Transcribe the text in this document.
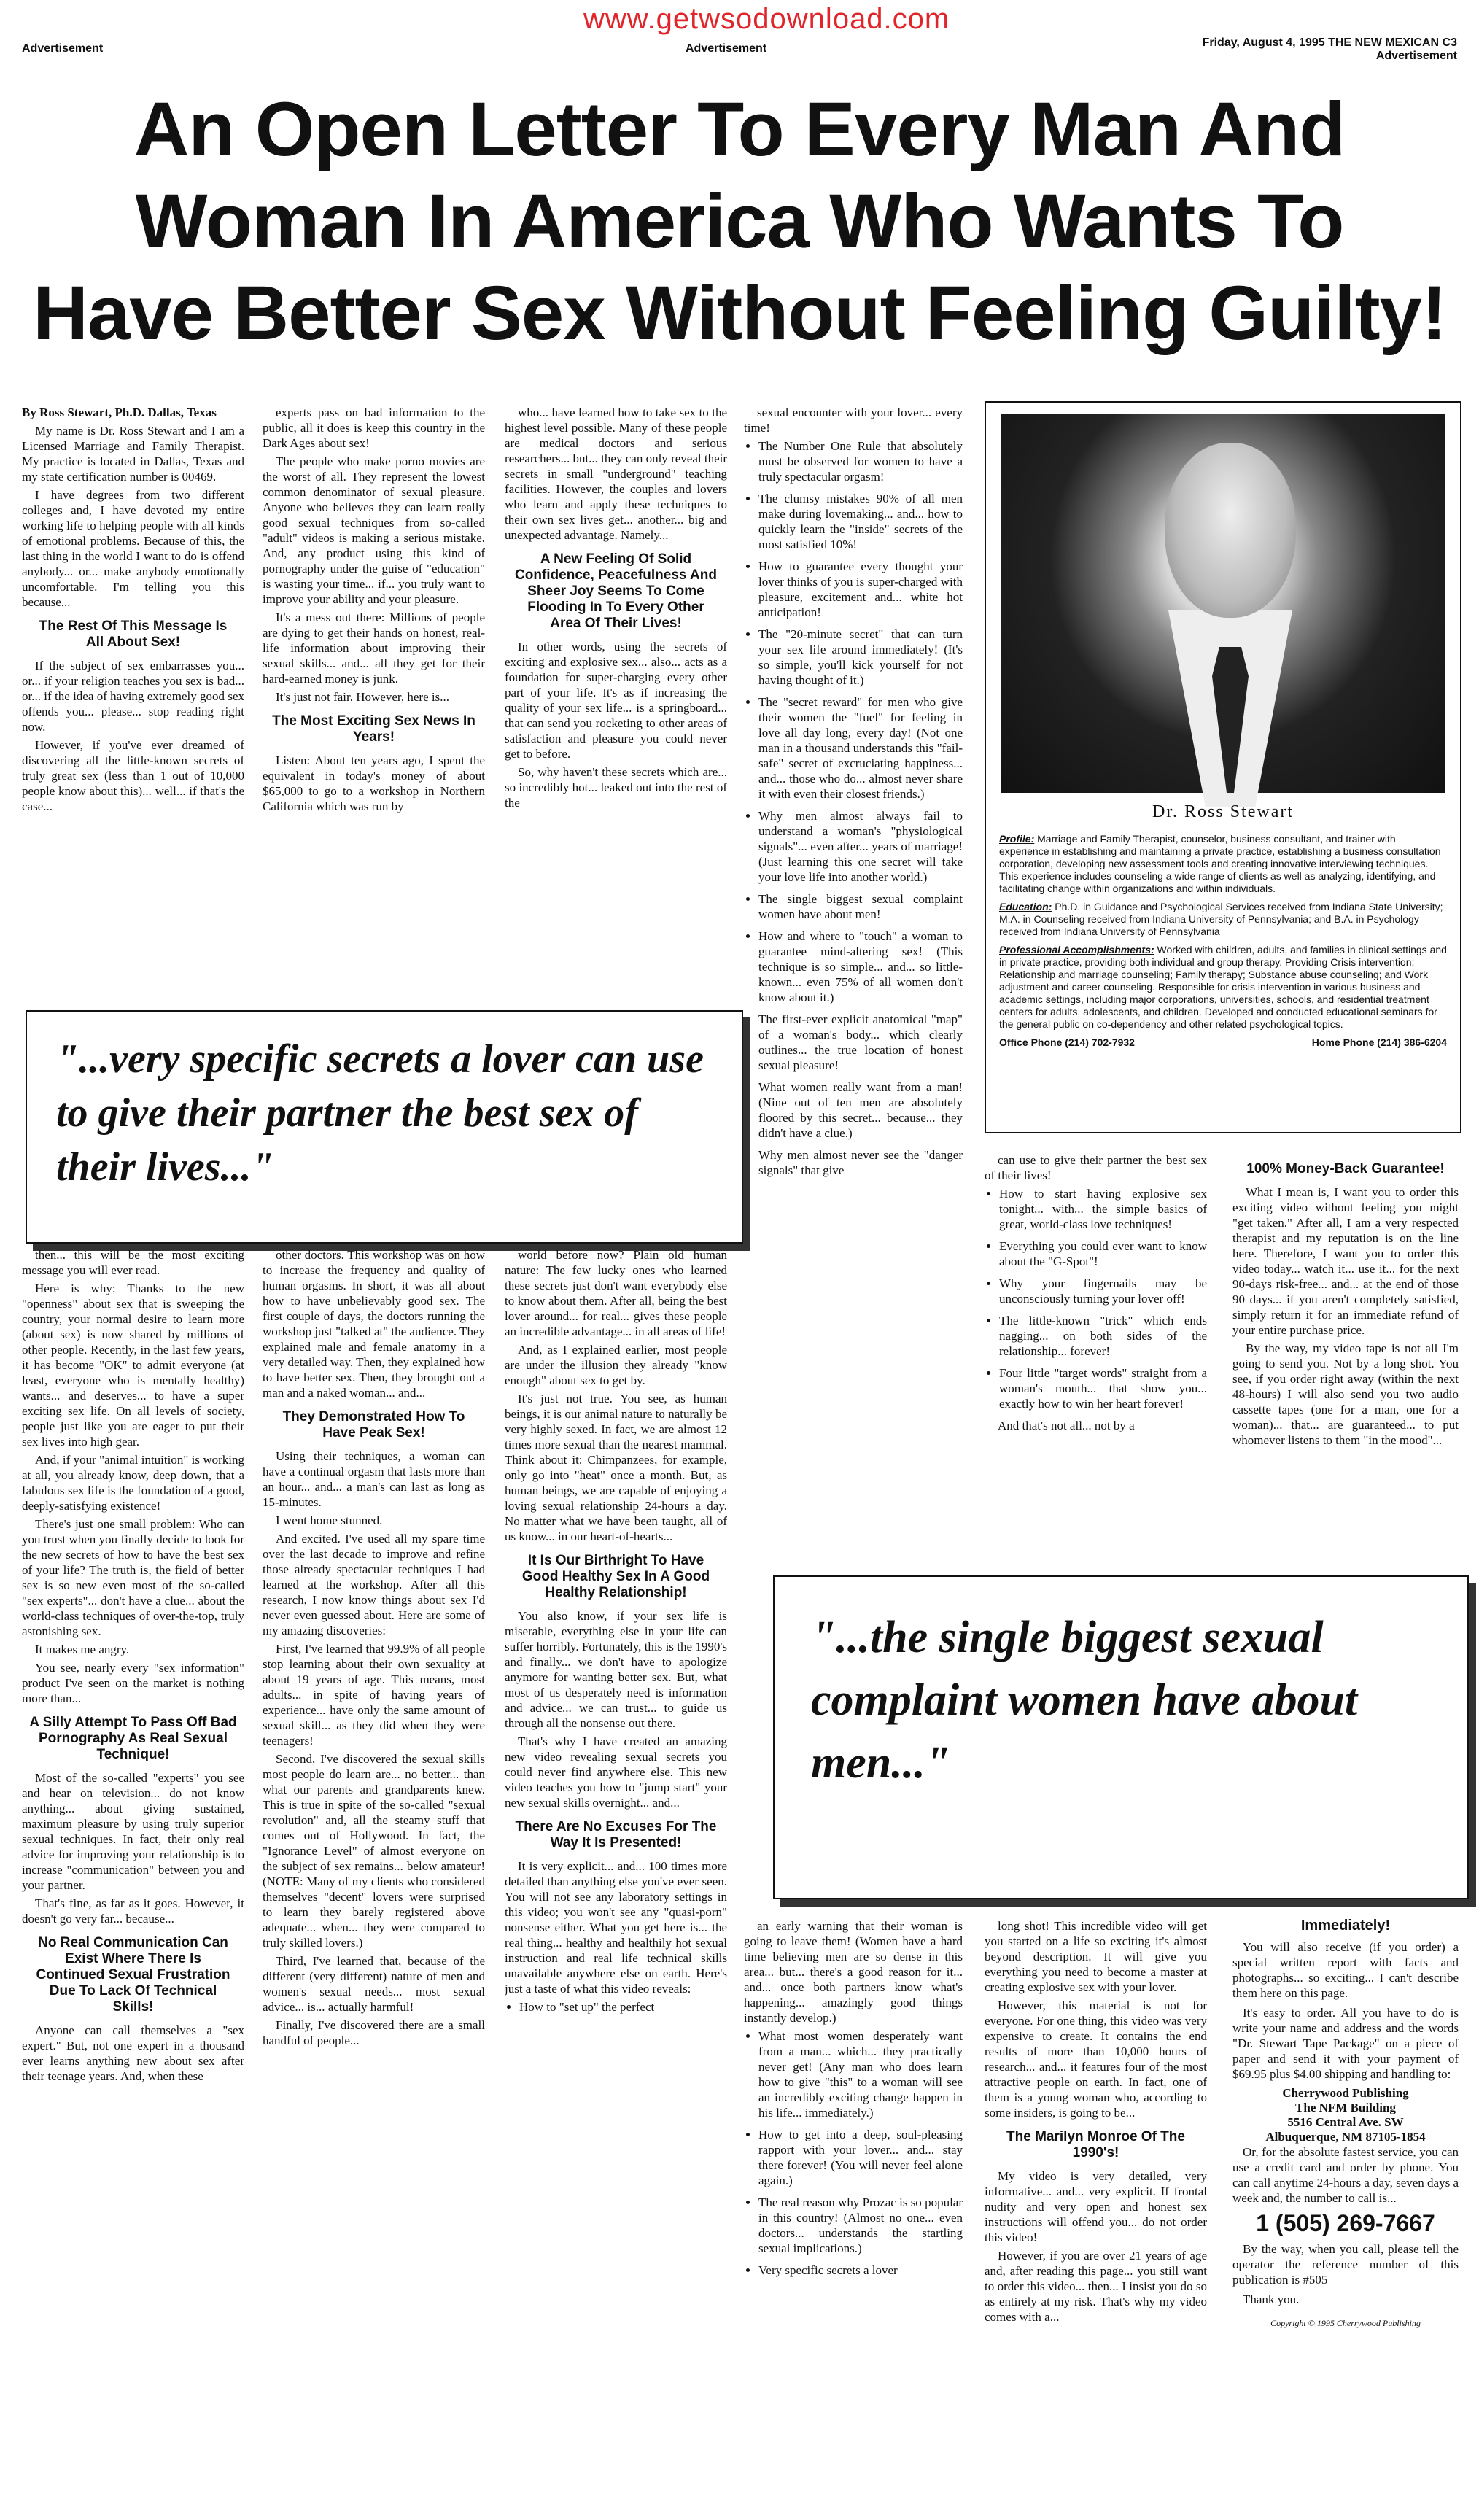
www.getwsodownload.com
Advertisement	Advertisement	Friday, August 4, 1995 THE NEW MEXICAN C3
Advertisement
An Open Letter To Every Man And
Woman In America Who Wants To
Have Better Sex Without Feeling Guilty!

By Ross Stewart, Ph.D. Dallas, Texas

My name is Dr. Ross Stewart and I am a Licensed Marriage and Family Therapist. My practice is located in Dallas, Texas and my state certification number is 00469.

I have degrees from two different colleges and, I have devoted my entire working life to helping people with all kinds of emotional problems. Because of this, the last thing in the world I want to do is offend anybody... or... make anybody emotionally uncomfortable. I'm telling you this because...

The Rest Of This Message Is All About Sex!

If the subject of sex embarrasses you... or... if your religion teaches you sex is bad... or... if the idea of having extremely good sex offends you... please... stop reading right now.

However, if you've ever dreamed of discovering all the little-known secrets of truly great sex (less than 1 out of 10,000 people know about this)... well... if that's the case...

experts pass on bad information to the public, all it does is keep this country in the Dark Ages about sex!

The people who make porno movies are the worst of all. They represent the lowest common denominator of sexual pleasure. Anyone who believes they can learn really good sexual techniques from so-called "adult" videos is making a serious mistake. And, any product using this kind of pornography under the guise of "education" is wasting your time... if... you truly want to improve your ability and your pleasure.

It's a mess out there: Millions of people are dying to get their hands on honest, real-life information about improving their sexual skills... and... all they get for their hard-earned money is junk.

It's just not fair. However, here is...

The Most Exciting Sex News In Years!

Listen: About ten years ago, I spent the equivalent in today's money of about $65,000 to go to a workshop in Northern California which was run by

who... have learned how to take sex to the highest level possible. Many of these people are medical doctors and serious researchers... but... they can only reveal their secrets in small "underground" teaching facilities. However, the couples and lovers who learn and apply these techniques to their own sex lives get... another... big and unexpected advantage. Namely...

A New Feeling Of Solid Confidence, Peacefulness And Sheer Joy Seems To Come Flooding In To Every Other Area Of Their Lives!

In other words, using the secrets of exciting and explosive sex... also... acts as a foundation for super-charging every other part of your life. It's as if increasing the quality of your sex life... is a springboard... that can send you rocketing to other areas of satisfaction and pleasure you could never get to before.

So, why haven't these secrets which are... so incredibly hot... leaked out into the rest of the

sexual encounter with your lover... every time!

• The Number One Rule that absolutely must be observed for women to have a truly spectacular orgasm!
• The clumsy mistakes 90% of all men make during lovemaking... and... how to quickly learn the "inside" secrets of the most satisfied 10%!
• How to guarantee every thought your lover thinks of you is super-charged with pleasure, excitement and... white hot anticipation!
• The "20-minute secret" that can turn your sex life around immediately! (It's so simple, you'll kick yourself for not having thought of it.)
• The "secret reward" for men who give their women the "fuel" for feeling in love all day long, every day! (Not one man in a thousand understands this "fail-safe" secret of excruciating happiness... and... those who do... almost never share it with even their closest friends.)
• Why men almost always fail to understand a woman's "physiological signals"... even after... years of marriage! (Just learning this one secret will take your love life into another world.)
• The single biggest sexual complaint women have about men!
• How and where to "touch" a woman to guarantee mind-altering sex! (This technique is so simple... and... so little-known... even 75% of all women don't know about it.)
• The first-ever explicit anatomical "map" of a woman's body... which clearly outlines... the true location of honest sexual pleasure!
• What women really want from a man! (Nine out of ten men are absolutely floored by this secret... because... they didn't have a clue.)
• Why men almost never see the "danger signals" that give
Dr. Ross Stewart

Profile: Marriage and Family Therapist, counselor, business consultant, and trainer with experience in establishing and maintaining a private practice, establishing a business consultation corporation, developing new assessment tools and creating innovative interviewing techniques. This experience includes counseling a wide range of clients as well as analyzing, identifying, and facilitating change within organizations and within individuals.

Education: Ph.D. in Guidance and Psychological Services received from Indiana State University; M.A. in Counseling received from Indiana University of Pennsylvania; and B.A. in Psychology received from Indiana University of Pennsylvania

Professional Accomplishments: Worked with children, adults, and families in clinical settings and in private practice, providing both individual and group therapy. Providing Crisis intervention; Relationship and marriage counseling; Family therapy; Substance abuse counseling; and Work adjustment and career counseling. Responsible for crisis intervention in various business and academic settings, including major corporations, universities, schools, and residential treatment centers for adults, adolescents, and children. Developed and conducted educational seminars for the general public on co-dependency and other related psychological topics.

Office Phone (214) 702-7932	Home Phone (214) 386-6204
"...very specific secrets a lover can use to give their partner the best sex of their lives..."	can use to give their partner the best sex of their lives!

• How to start having explosive sex tonight... with... the simple basics of great, world-class love techniques!
• Everything you could ever want to know about the "G-Spot"!
• Why your fingernails may be unconsciously turning your lover off!
• The little-known "trick" which ends nagging... on both sides of the relationship... forever!
• Four little "target words" straight from a woman's mouth... that show you... exactly how to win her heart forever!

And that's not all... not by a

100% Money-Back Guarantee!

What I mean is, I want you to order this exciting video without feeling you might "get taken." After all, I am a very respected therapist and my reputation is on the line here. Therefore, I want you to order this video today... watch it... use it... for the next 90-days risk-free... and... at the end of those 90 days... if you aren't completely satisfied, simply return it for an immediate refund of your entire purchase price.

By the way, my video tape is not all I'm going to send you. Not by a long shot. You see, if you order right away (within the next 48-hours) I will also send you two audio cassette tapes (one for a man, one for a woman)... that... are guaranteed... to put whomever listens to them "in the mood"...

"...the single biggest sexual complaint women have about men..."

then... this will be the most exciting message you will ever read.

Here is why: Thanks to the new "openness" about sex that is sweeping the country, your normal desire to learn more (about sex) is now shared by millions of other people. Recently, in the last few years, it has become "OK" to admit everyone (at least, everyone who is mentally healthy) wants... and deserves... to have a super exciting sex life. On all levels of society, people just like you are eager to put their sex lives into high gear.

And, if your "animal intuition" is working at all, you already know, deep down, that a fabulous sex life is the foundation of a good, deeply-satisfying existence!

There's just one small problem: Who can you trust when you finally decide to look for the new secrets of how to have the best sex of your life? The truth is, the field of better sex is so new even most of the so-called "sex experts"... don't have a clue... about the world-class techniques of over-the-top, truly astonishing sex.

It makes me angry.

You see, nearly every "sex information" product I've seen on the market is nothing more than...

A Silly Attempt To Pass Off Bad Pornography As Real Sexual Technique!

Most of the so-called "experts" you see and hear on television... do not know anything... about giving sustained, maximum pleasure by using truly superior sexual techniques. In fact, their only real advice for improving your relationship is to increase "communication" between you and your partner.

That's fine, as far as it goes. However, it doesn't go very far... because...

No Real Communication Can Exist Where There Is Continued Sexual Frustration Due To Lack Of Technical Skills!

Anyone can call themselves a "sex expert." But, not one expert in a thousand ever learns anything new about sex after their teenage years. And, when these

other doctors. This workshop was on how to increase the frequency and quality of human orgasms. In short, it was all about how to have unbelievably good sex. The first couple of days, the doctors running the workshop just "talked at" the audience. They explained male and female anatomy in a very detailed way. Then, they explained how to have better sex. Then, they brought out a man and a naked woman... and...

They Demonstrated How To Have Peak Sex!

Using their techniques, a woman can have a continual orgasm that lasts more than an hour... and... a man's can last as long as 15-minutes.

I went home stunned.

And excited. I've used all my spare time over the last decade to improve and refine those already spectacular techniques I had learned at the workshop. After all this research, I now know things about sex I'd never even guessed about. Here are some of my amazing discoveries:

First, I've learned that 99.9% of all people stop learning about their own sexuality at about 19 years of age. This means, most adults... in spite of having years of experience... have only the same amount of sexual skill... as they did when they were teenagers!

Second, I've discovered the sexual skills most people do learn are... no better... than what our parents and grandparents knew. This is true in spite of the so-called "sexual revolution" and, all the steamy stuff that comes out of Hollywood. In fact, the "Ignorance Level" of almost everyone on the subject of sex remains... below amateur! (NOTE: Many of my clients who considered themselves "decent" lovers were surprised to learn they barely registered above adequate... when... they were compared to truly skilled lovers.)

Third, I've learned that, because of the different (very different) nature of men and women's sexual needs... most sexual advice... is... actually harmful!

Finally, I've discovered there are a small handful of people...

world before now? Plain old human nature: The few lucky ones who learned these secrets just don't want everybody else to know about them. After all, being the best lover around... for real... gives these people an incredible advantage... in all areas of life!

And, as I explained earlier, most people are under the illusion they already "know enough" about sex to get by.

It's just not true. You see, as human beings, it is our animal nature to naturally be very highly sexed. In fact, we are almost 12 times more sexual than the nearest mammal. Think about it: Chimpanzees, for example, only go into "heat" once a month. But, as human beings, we are capable of enjoying a loving sexual relationship 24-hours a day. No matter what we have been taught, all of us know... in our heart-of-hearts...

It Is Our Birthright To Have Good Healthy Sex In A Good Healthy Relationship!

You also know, if your sex life is miserable, everything else in your life can suffer horribly. Fortunately, this is the 1990's and finally... we don't have to apologize anymore for wanting better sex. But, what most of us desperately need is information and advice... we can trust... to guide us through all the nonsense out there.

That's why I have created an amazing new video revealing sexual secrets you could never find anywhere else. This new video teaches you how to "jump start" your new sexual skills overnight... and...

There Are No Excuses For The Way It Is Presented!

It is very explicit... and... 100 times more detailed than anything else you've ever seen. You will not see any laboratory settings in this video; you won't see any "quasi-porn" nonsense either. What you get here is... the real thing... healthy and healthily hot sexual instruction and real life technical skills unavailable anywhere else on earth. Here's just a taste of what this video reveals:

• How to "set up" the perfect

an early warning that their woman is going to leave them! (Women have a hard time believing men are so dense in this area... but... there's a good reason for it... and... once both partners know what's happening... amazingly good things instantly develop.)

• What most women desperately want from a man... which... they practically never get! (Any man who does learn how to give "this" to a woman will see an incredibly exciting change happen in his life... immediately.)
• How to get into a deep, soul-pleasing rapport with your lover... and... stay there forever! (You will never feel alone again.)
• The real reason why Prozac is so popular in this country! (Almost no one... even doctors... understands the startling sexual implications.)
• Very specific secrets a lover

long shot! This incredible video will get you started on a life so exciting it's almost beyond description. It will give you everything you need to become a master at creating explosive sex with your lover.

However, this material is not for everyone. For one thing, this video was very expensive to create. It contains the end results of more than 10,000 hours of research... and... it features four of the most attractive people on earth. In fact, one of them is a young woman who, according to some insiders, is going to be...

The Marilyn Monroe Of The 1990's!

My video is very detailed, very informative... and... very explicit. If frontal nudity and very open and honest sex instructions will offend you... do not order this video!

However, if you are over 21 years of age and, after reading this page... you still want to order this video... then... I insist you do so as entirely at my risk. That's why my video comes with a...

Immediately!

You will also receive (if you order) a special written report with facts and photographs... so exciting... I can't describe them here on this page.

It's easy to order. All you have to do is write your name and address and the words "Dr. Stewart Tape Package" on a piece of paper and send it with your payment of $69.95 plus $4.00 shipping and handling to:

Cherrywood Publishing
The NFM Building
5516 Central Ave. SW
Albuquerque, NM 87105-1854

Or, for the absolute fastest service, you can use a credit card and order by phone. You can call anytime 24-hours a day, seven days a week and, the number to call is...

1 (505) 269-7667

By the way, when you call, please tell the operator the reference number of this publication is #505

Thank you.

Copyright © 1995 Cherrywood Publishing
